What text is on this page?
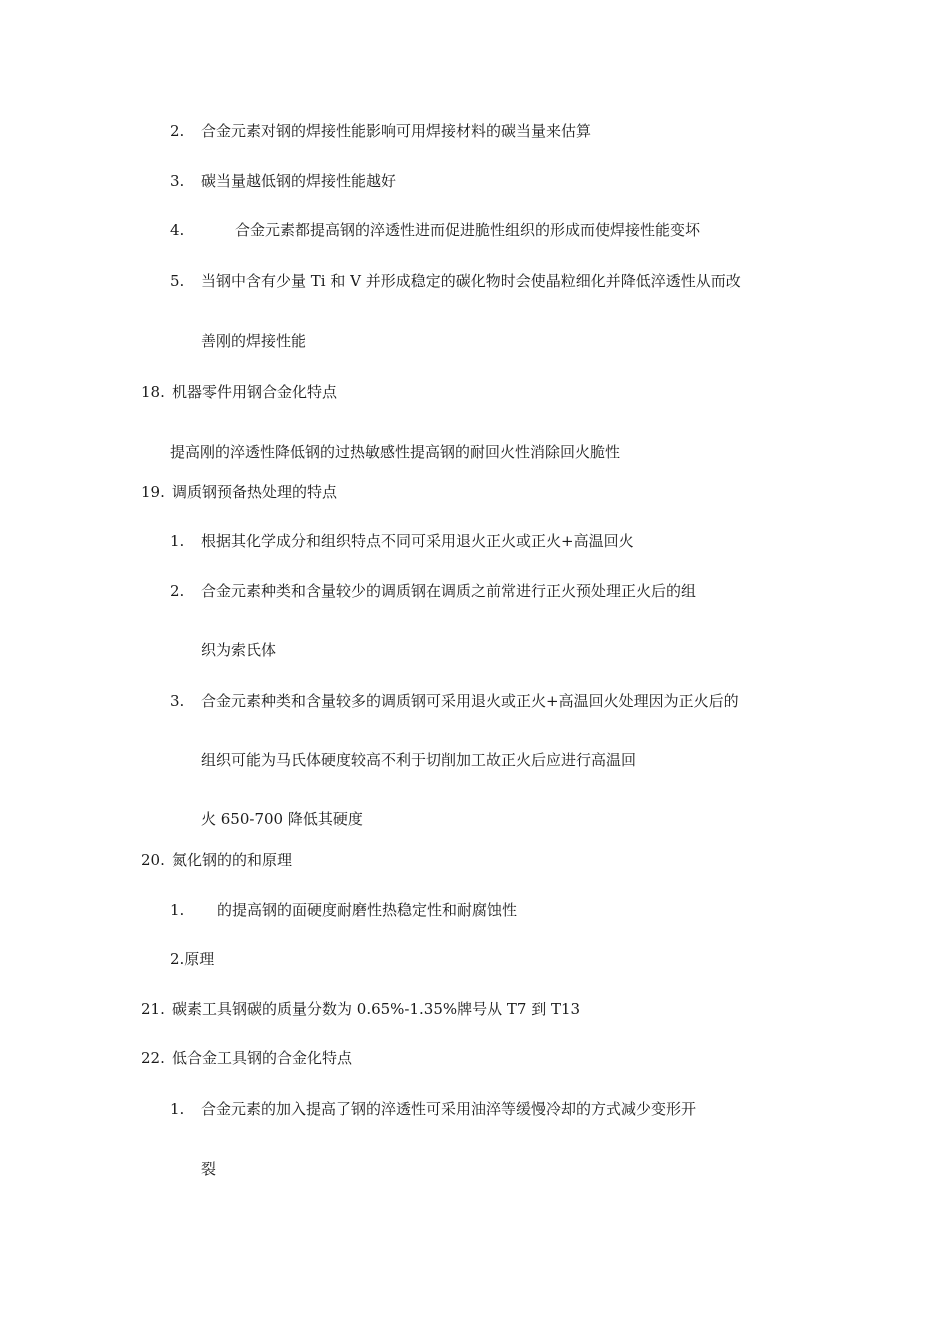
2. 合金元素对钢的焊接性能影响可用焊接材料的碳当量来估算
3. 碳当量越低钢的焊接性能越好
4.	合金元素都提高钢的淬透性进而促进脆性组织的形成而使焊接性能变坏
5. 当钢中含有少量 Ti 和 V 并形成稳定的碳化物时会使晶粒细化并降低淬透性从而改
善刚的焊接性能
18. 机器零件用钢合金化特点
提高刚的淬透性降低钢的过热敏感性提高钢的耐回火性消除回火脆性
19. 调质钢预备热处理的特点
1. 根据其化学成分和组织特点不同可采用退火正火或正火+高温回火
2. 合金元素种类和含量较少的调质钢在调质之前常进行正火预处理正火后的组
织为索氏体
3. 合金元素种类和含量较多的调质钢可采用退火或正火+高温回火处理因为正火后的
组织可能为马氏体硬度较高不利于切削加工故正火后应进行高温回
火 650-700 降低其硬度
20. 氮化钢的的和原理
1. 的提高钢的面硬度耐磨性热稳定性和耐腐蚀性
2.原理
21. 碳素工具钢碳的质量分数为 0.65%-1.35%牌号从 T7 到 T13
22. 低合金工具钢的合金化特点
1. 合金元素的加入提高了钢的淬透性可采用油淬等缓慢冷却的方式减少变形开
裂
